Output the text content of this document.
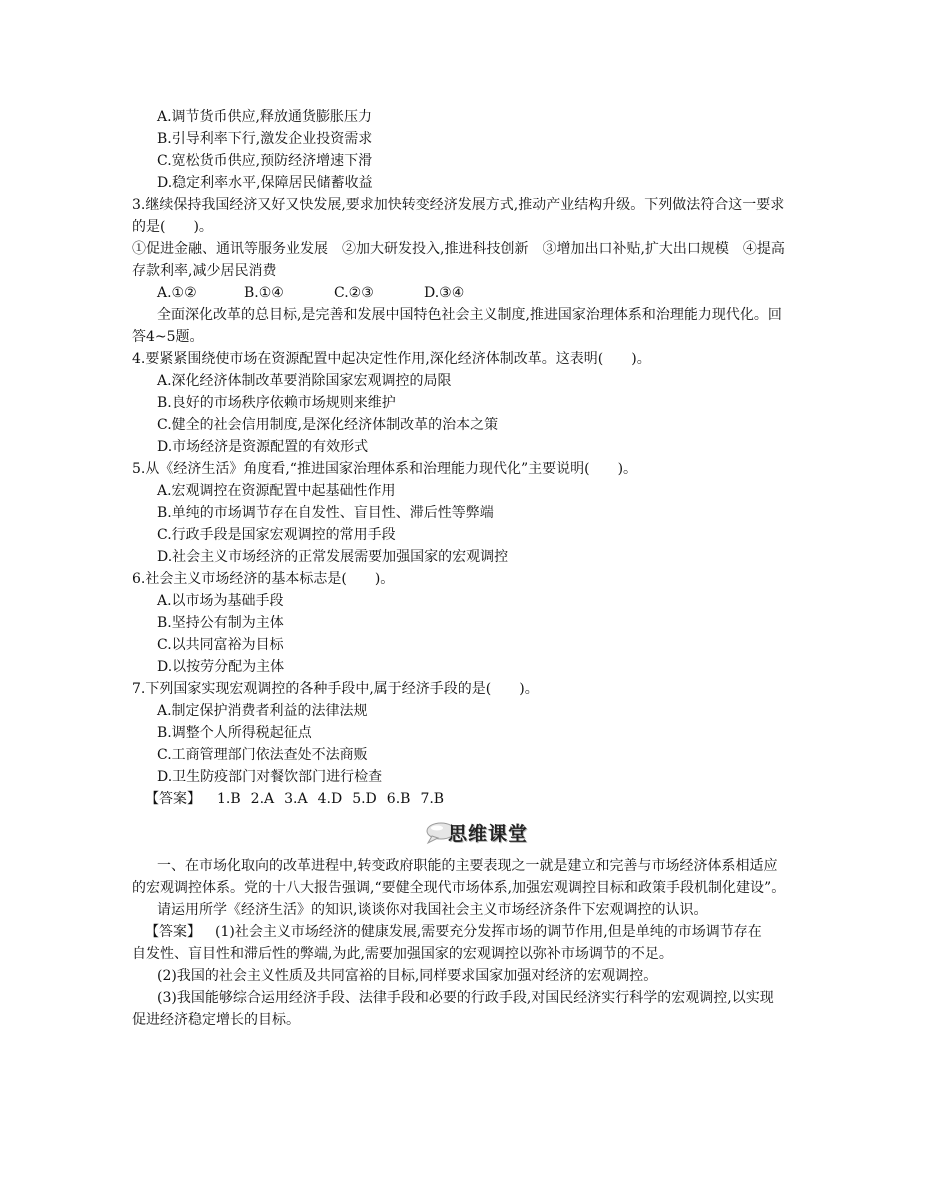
A.调节货币供应,释放通货膨胀压力
B.引导利率下行,激发企业投资需求
C.宽松货币供应,预防经济增速下滑
D.稳定利率水平,保障居民储蓄收益
3.继续保持我国经济又好又快发展,要求加快转变经济发展方式,推动产业结构升级。下列做法符合这一要求
的是(　　)。
①促进金融、通讯等服务业发展　②加大研发投入,推进科技创新　③增加出口补贴,扩大出口规模　④提高
存款利率,减少居民消费
A.①②	B.①④	C.②③	D.③④
全面深化改革的总目标,是完善和发展中国特色社会主义制度,推进国家治理体系和治理能力现代化。回
答4~5题。
4.要紧紧围绕使市场在资源配置中起决定性作用,深化经济体制改革。这表明(　　)。
A.深化经济体制改革要消除国家宏观调控的局限
B.良好的市场秩序依赖市场规则来维护
C.健全的社会信用制度,是深化经济体制改革的治本之策
D.市场经济是资源配置的有效形式
5.从《经济生活》角度看,“推进国家治理体系和治理能力现代化”主要说明(　　)。
A.宏观调控在资源配置中起基础性作用
B.单纯的市场调节存在自发性、盲目性、滞后性等弊端
C.行政手段是国家宏观调控的常用手段
D.社会主义市场经济的正常发展需要加强国家的宏观调控
6.社会主义市场经济的基本标志是(　　)。
A.以市场为基础手段
B.坚持公有制为主体
C.以共同富裕为目标
D.以按劳分配为主体
7.下列国家实现宏观调控的各种手段中,属于经济手段的是(　　)。
A.制定保护消费者利益的法律法规
B.调整个人所得税起征点
C.工商管理部门依法查处不法商贩
D.卫生防疫部门对餐饮部门进行检查
【答案】 1.B 2.A 3.A 4.D 5.D 6.B 7.B
思维课堂
一、在市场化取向的改革进程中,转变政府职能的主要表现之一就是建立和完善与市场经济体系相适应
的宏观调控体系。党的十八大报告强调,“要健全现代市场体系,加强宏观调控目标和政策手段机制化建设”。
请运用所学《经济生活》的知识,谈谈你对我国社会主义市场经济条件下宏观调控的认识。
【答案】 (1)社会主义市场经济的健康发展,需要充分发挥市场的调节作用,但是单纯的市场调节存在
自发性、盲目性和滞后性的弊端,为此,需要加强国家的宏观调控以弥补市场调节的不足。
(2)我国的社会主义性质及共同富裕的目标,同样要求国家加强对经济的宏观调控。
(3)我国能够综合运用经济手段、法律手段和必要的行政手段,对国民经济实行科学的宏观调控,以实现
促进经济稳定增长的目标。
